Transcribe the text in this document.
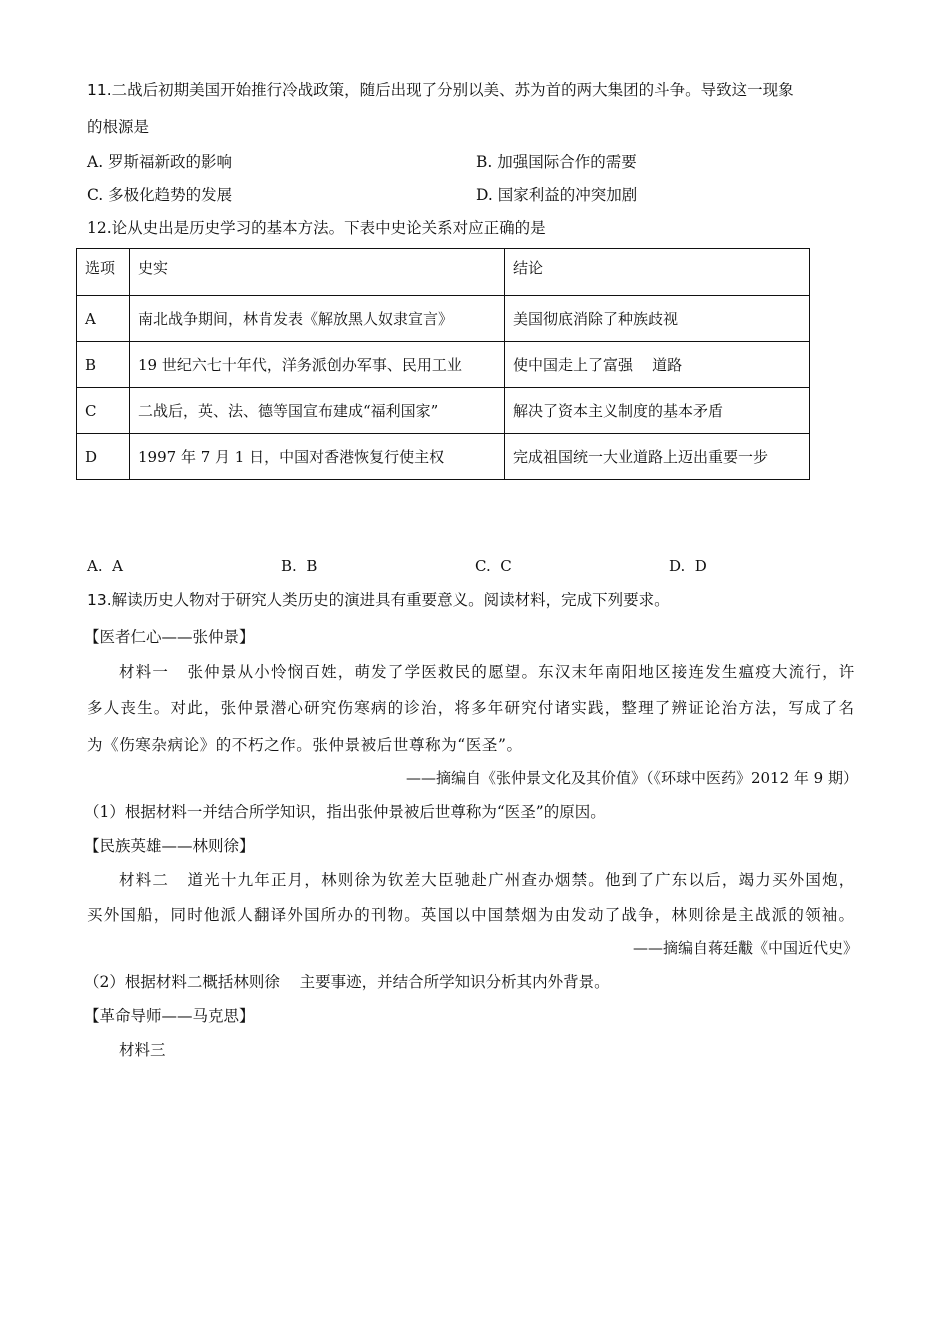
11.二战后初期美国开始推行冷战政策，随后出现了分别以美、苏为首的两大集团的斗争。导致这一现象
的根源是
A. 罗斯福新政的影响	B. 加强国际合作的需要
C. 多极化趋势的发展	D. 国家利益的冲突加剧
12.论从史出是历史学习的基本方法。下表中史论关系对应正确的是
选项	史实	结论
A	南北战争期间，林肯发表《解放黑人奴隶宣言》	美国彻底消除了种族歧视
B	19 世纪六七十年代，洋务派创办军事、民用工业	使中国走上了富强    道路
C	二战后，英、法、德等国宣布建成“福利国家”	解决了资本主义制度的基本矛盾
D	1997 年 7 月 1 日，中国对香港恢复行使主权	完成祖国统一大业道路上迈出重要一步
A.  A	B.  B	C.  C	D.  D
13.解读历史人物对于研究人类历史的演进具有重要意义。阅读材料，完成下列要求。
【医者仁心——张仲景】
材料一   张仲景从小怜悯百姓，萌发了学医救民的愿望。东汉末年南阳地区接连发生瘟疫大流行，许
多人丧生。对此，张仲景潜心研究伤寒病的诊治，将多年研究付诸实践，整理了辨证论治方法，写成了名
为《伤寒杂病论》的不朽之作。张仲景被后世尊称为“医圣”。
——摘编自《张仲景文化及其价值》（《环球中医药》2012 年 9 期）
（1）根据材料一并结合所学知识，指出张仲景被后世尊称为“医圣”的原因。
【民族英雄——林则徐】
材料二   道光十九年正月，林则徐为钦差大臣驰赴广州查办烟禁。他到了广东以后，竭力买外国炮，
买外国船，同时他派人翻译外国所办的刊物。英国以中国禁烟为由发动了战争，林则徐是主战派的领袖。
——摘编自蒋廷黻《中国近代史》
（2）根据材料二概括林则徐    主要事迹，并结合所学知识分析其内外背景。
【革命导师——马克思】
材料三
